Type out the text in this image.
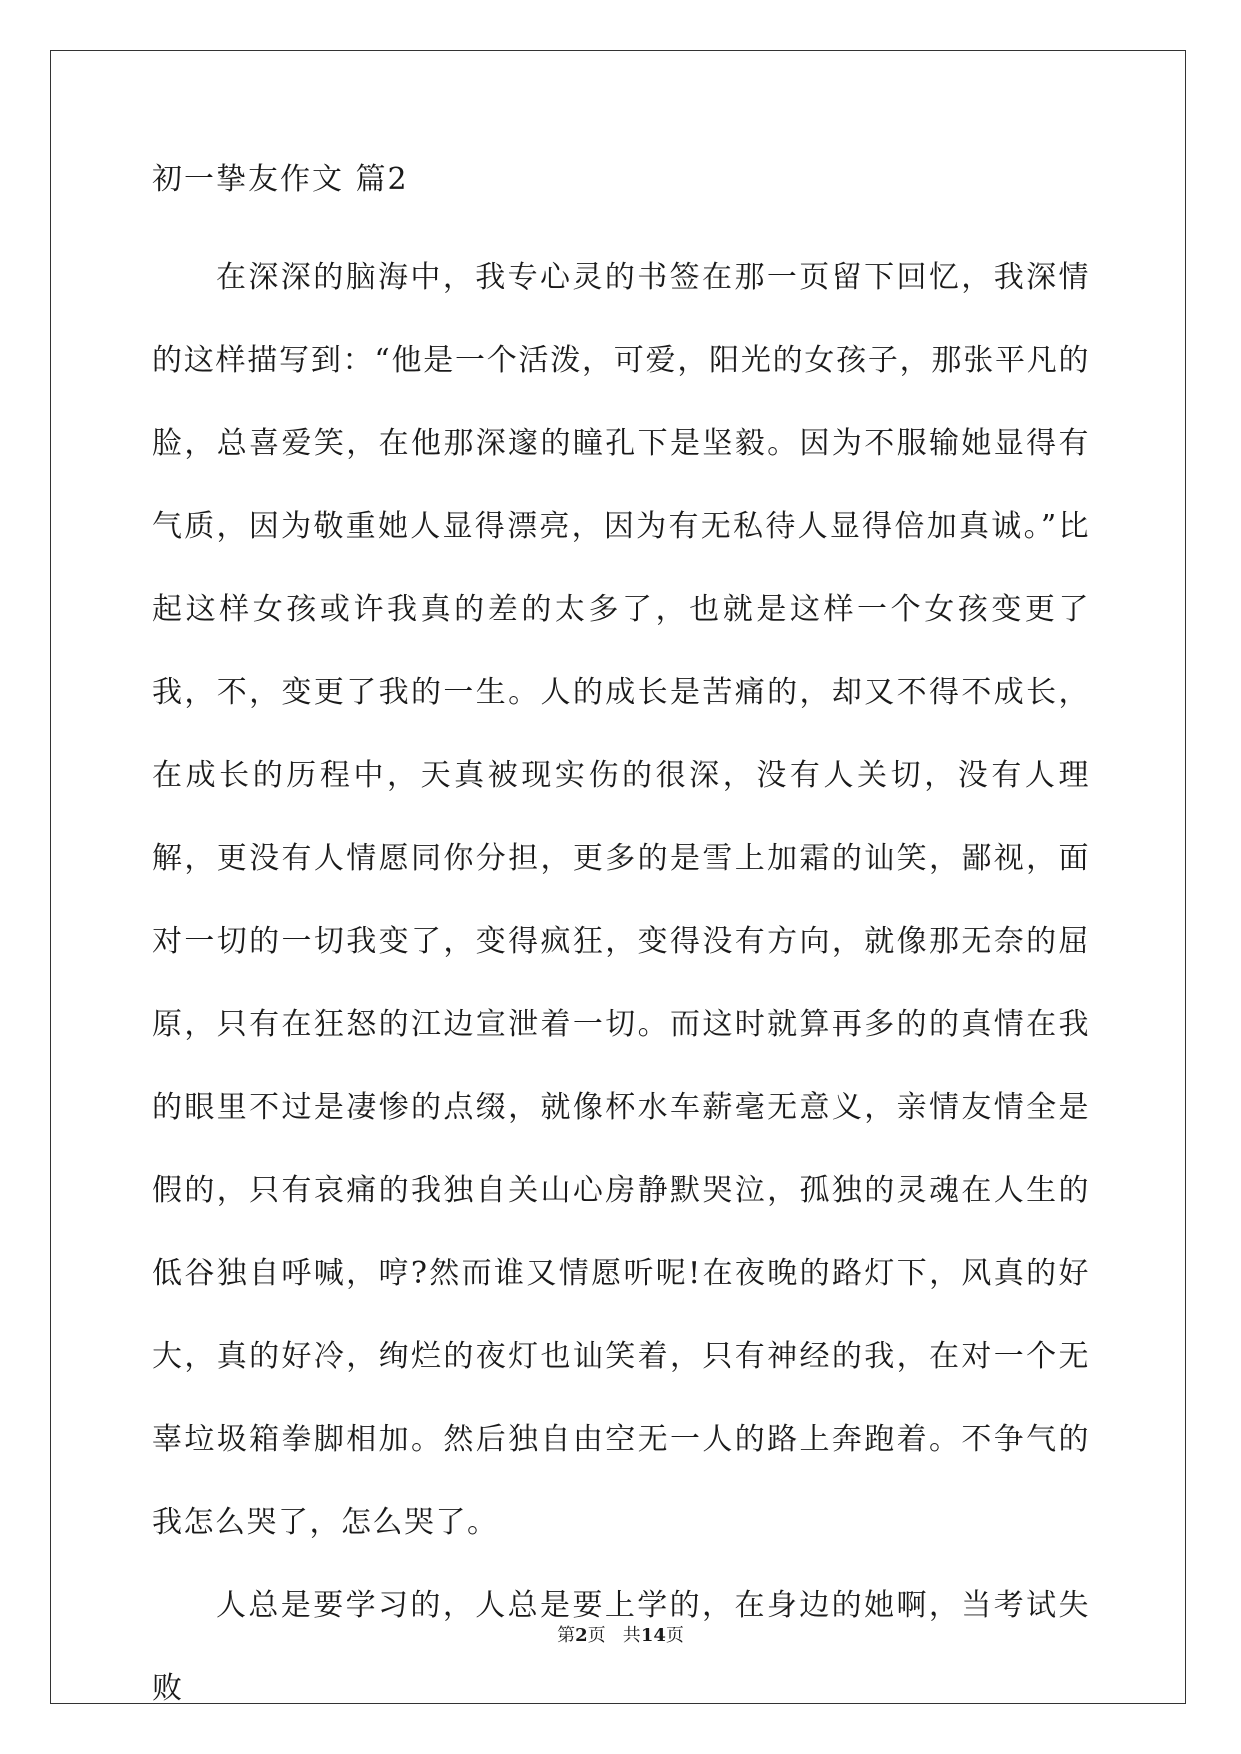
初一挚友作文 篇2

在深深的脑海中，我专心灵的书签在那一页留下回忆，我深情的这样描写到：“他是一个活泼，可爱，阳光的女孩子，那张平凡的脸，总喜爱笑，在他那深邃的瞳孔下是坚毅。因为不服输她显得有气质，因为敬重她人显得漂亮，因为有无私待人显得倍加真诚。”比起这样女孩或许我真的差的太多了，也就是这样一个女孩变更了我，不，变更了我的一生。人的成长是苦痛的，却又不得不成长，在成长的历程中，天真被现实伤的很深，没有人关切，没有人理解，更没有人情愿同你分担，更多的是雪上加霜的讪笑，鄙视，面对一切的一切我变了，变得疯狂，变得没有方向，就像那无奈的屈原，只有在狂怒的江边宣泄着一切。而这时就算再多的的真情在我的眼里不过是凄惨的点缀，就像杯水车薪毫无意义，亲情友情全是假的，只有哀痛的我独自关山心房静默哭泣，孤独的灵魂在人生的低谷独自呼喊，哼?然而谁又情愿听呢!在夜晚的路灯下，风真的好大，真的好冷，绚烂的夜灯也讪笑着，只有神经的我，在对一个无辜垃圾箱拳脚相加。然后独自由空无一人的路上奔跑着。不争气的我怎么哭了，怎么哭了。

人总是要学习的，人总是要上学的，在身边的她啊，当考试失败

第2页   共14页
